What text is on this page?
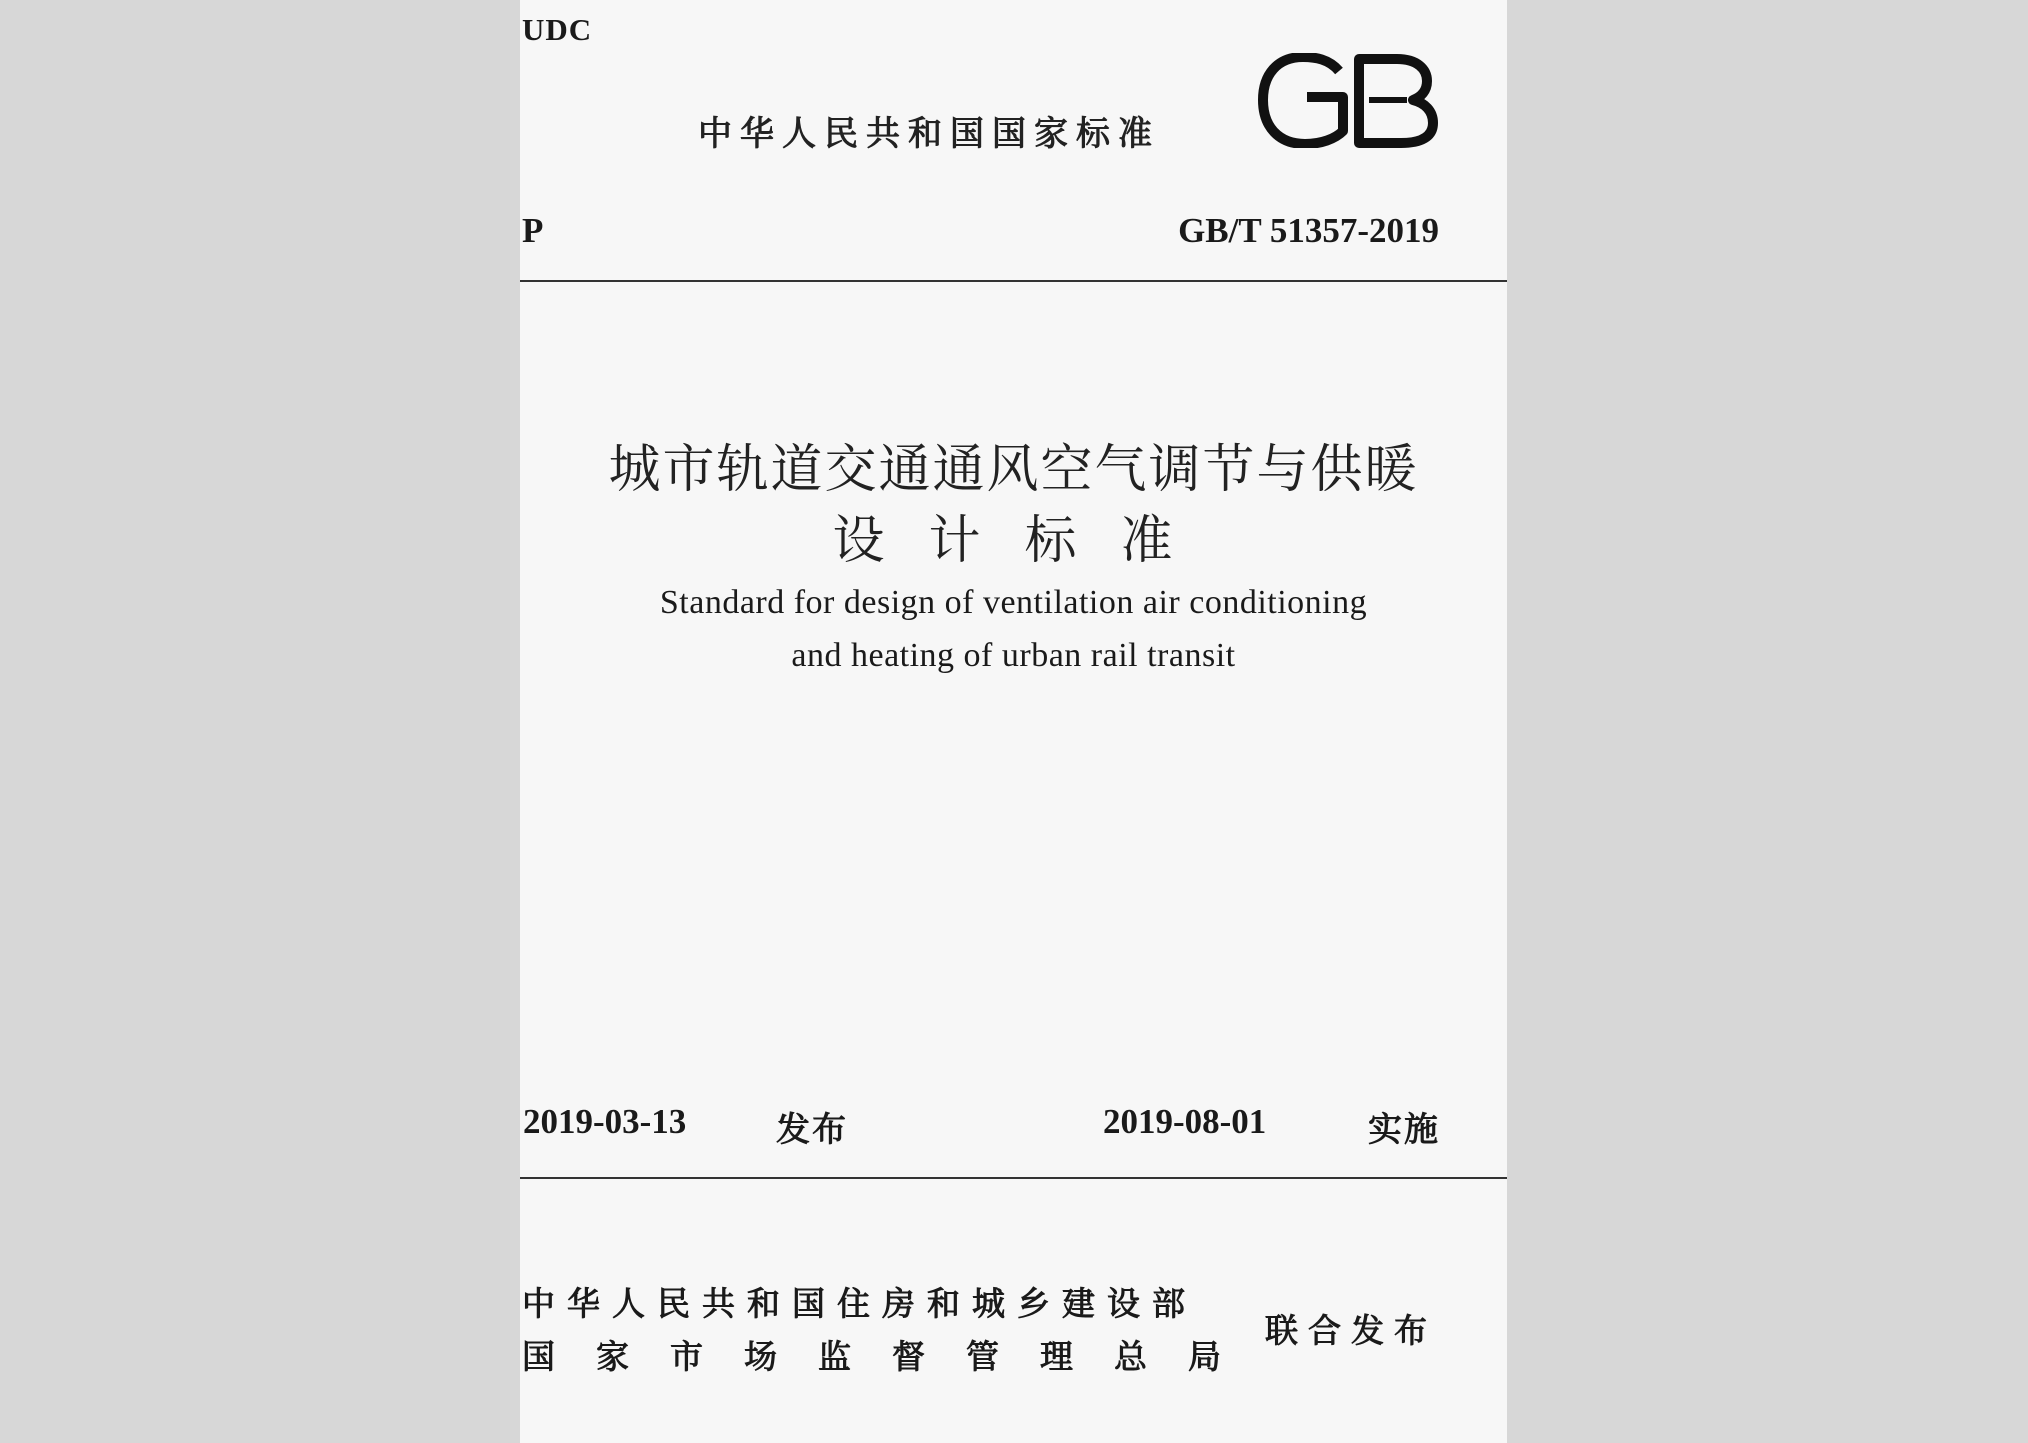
UDC
中华人民共和国国家标准
P	GB/T 51357-2019
城市轨道交通通风空气调节与供暖
设计标准
Standard for design of ventilation air conditioning
and heating of urban rail transit
2019-03-13	发布	2019-08-01	实施
中华人民共和国住房和城乡建设部
国家市场监督管理总局
联合发布
